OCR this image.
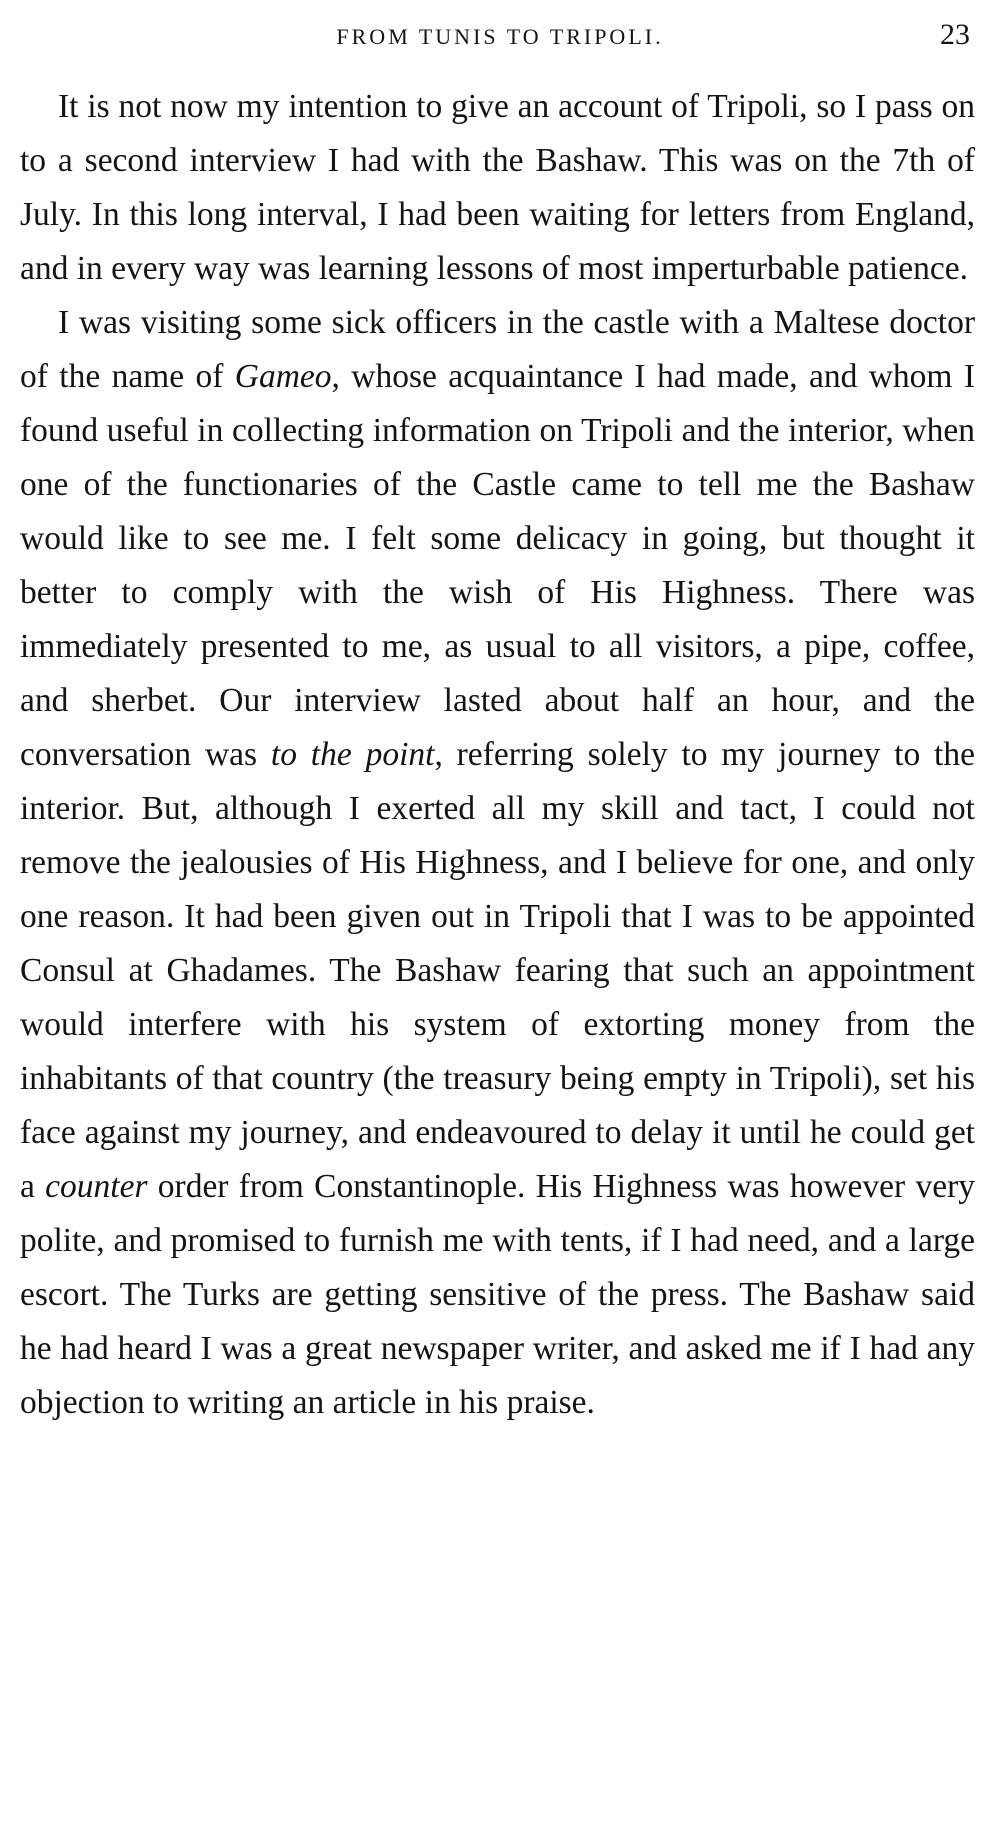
FROM TUNIS TO TRIPOLI.	23

It is not now my intention to give an account of Tripoli, so I pass on to a second interview I had with the Bashaw. This was on the 7th of July. In this long interval, I had been waiting for letters from England, and in every way was learning lessons of most imperturbable patience.

I was visiting some sick officers in the castle with a Maltese doctor of the name of Gameo, whose acquaintance I had made, and whom I found useful in collecting information on Tripoli and the interior, when one of the functionaries of the Castle came to tell me the Bashaw would like to see me. I felt some delicacy in going, but thought it better to comply with the wish of His Highness. There was immediately presented to me, as usual to all visitors, a pipe, coffee, and sherbet. Our interview lasted about half an hour, and the conversation was to the point, referring solely to my journey to the interior. But, although I exerted all my skill and tact, I could not remove the jealousies of His Highness, and I believe for one, and only one reason. It had been given out in Tripoli that I was to be appointed Consul at Ghadames. The Bashaw fearing that such an appointment would interfere with his system of extorting money from the inhabitants of that country (the treasury being empty in Tripoli), set his face against my journey, and endeavoured to delay it until he could get a counter order from Constantinople. His Highness was however very polite, and promised to furnish me with tents, if I had need, and a large escort. The Turks are getting sensitive of the press. The Bashaw said he had heard I was a great newspaper writer, and asked me if I had any objection to writing an article in his praise.
